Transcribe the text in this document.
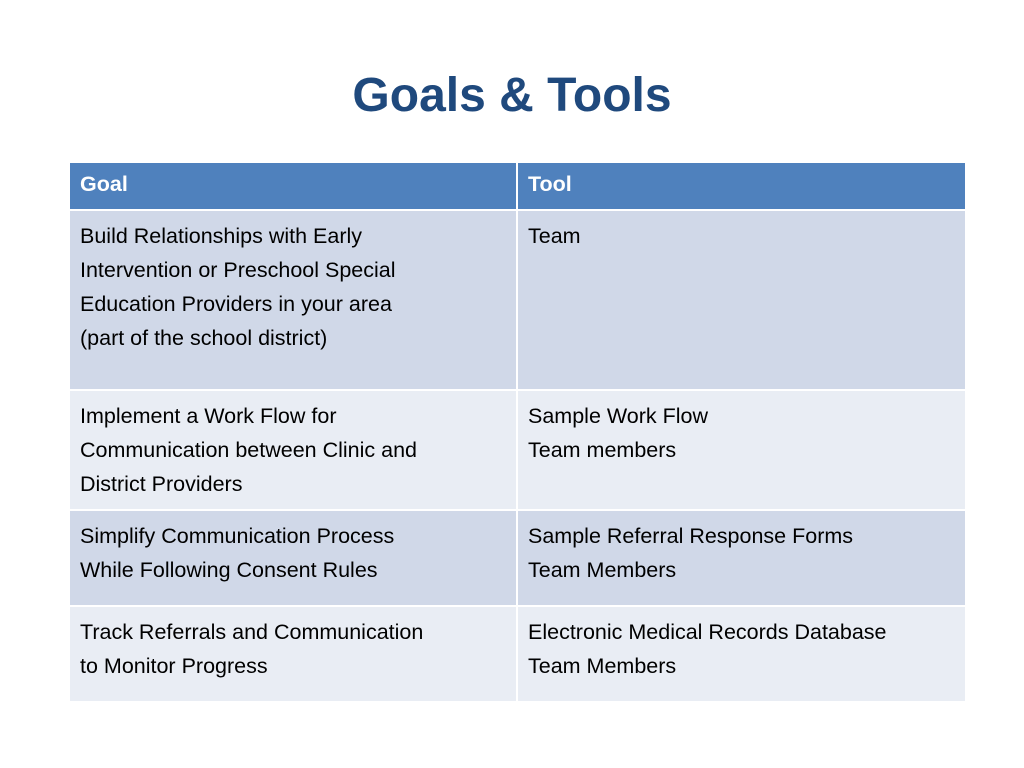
Goals & Tools
Goal	Tool

Build Relationships with Early
Intervention or Preschool Special
Education Providers in your area
(part of the school district)	Team

Implement a Work Flow for
Communication between Clinic and
District Providers	Sample Work Flow
Team members

Simplify Communication Process
While Following Consent Rules	Sample Referral Response Forms
Team Members

Track Referrals and Communication
to Monitor Progress	Electronic Medical Records Database
Team Members
